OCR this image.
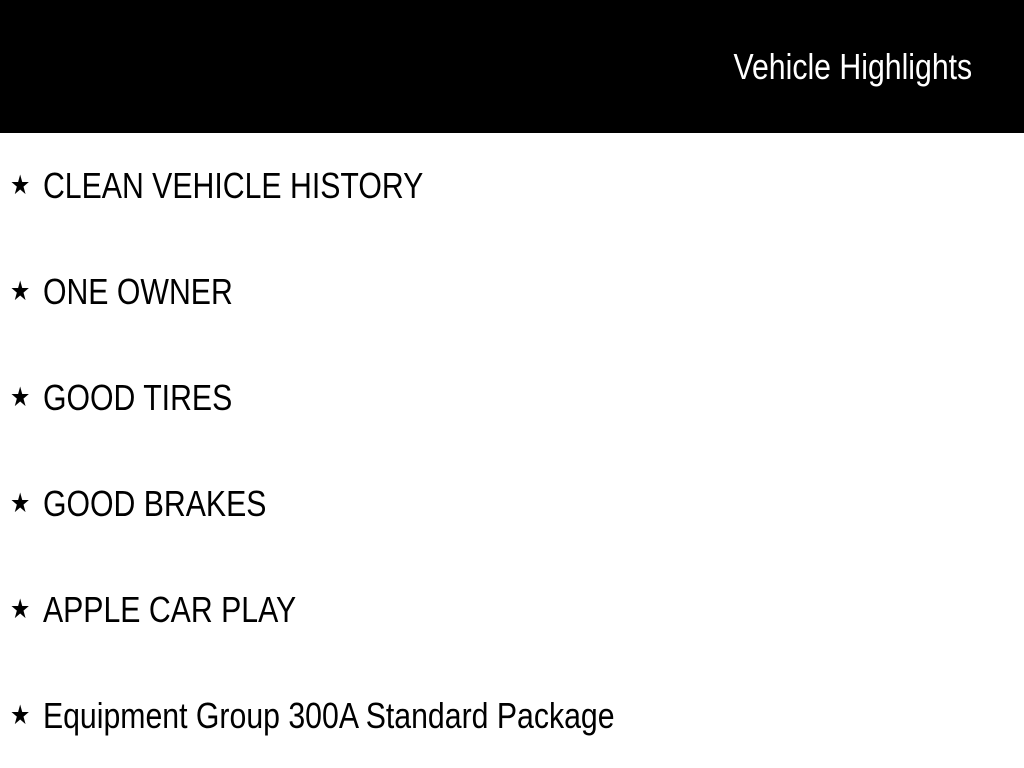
Vehicle Highlights
★ CLEAN VEHICLE HISTORY
★ ONE OWNER
★ GOOD TIRES
★ GOOD BRAKES
★ APPLE CAR PLAY
★ Equipment Group 300A Standard Package
